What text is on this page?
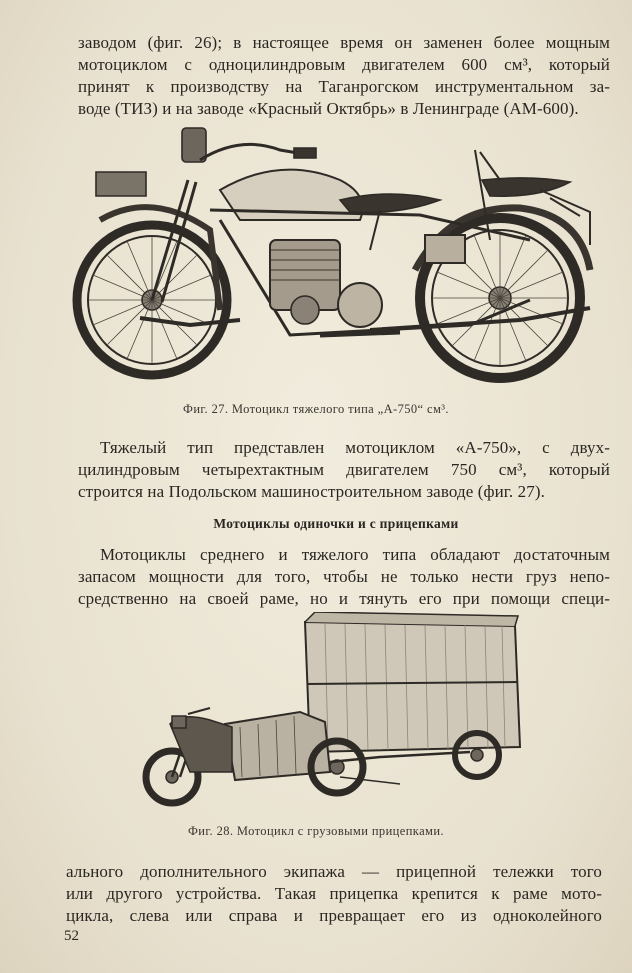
заводом (фиг. 26); в настоящее время он заменен более мощным
мотоциклом с одноцилиндровым двигателем 600 см³, который
принят к производству на Таганрогском инструментальном за-
воде (ТИЗ) и на заводе «Красный Октябрь» в Ленинграде (АМ-600).
Фиг. 27. Мотоцикл тяжелого типа „А-750“ см³.
Тяжелый тип представлен мотоциклом «А-750», с двух-
цилиндровым четырехтактным двигателем 750 см³, который
строится на Подольском машиностроительном заводе (фиг. 27).
Мотоциклы одиночки и с прицепками
Мотоциклы среднего и тяжелого типа обладают достаточным
запасом мощности для того, чтобы не только нести груз непо-
средственно на своей раме, но и тянуть его при помощи специ-
Фиг. 28. Мотоцикл с грузовыми прицепками.
ального дополнительного экипажа — прицепной тележки того
или другого устройства. Такая прицепка крепится к раме мото-
цикла, слева или справа и превращает его из одноколейного
52
